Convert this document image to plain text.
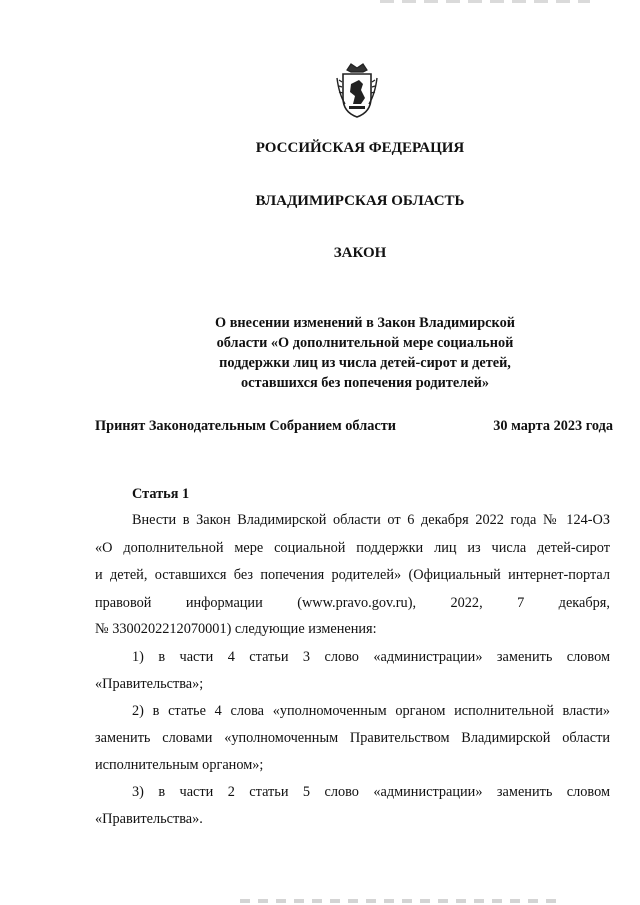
РОССИЙСКАЯ ФЕДЕРАЦИЯ
ВЛАДИМИРСКАЯ ОБЛАСТЬ
ЗАКОН
О внесении изменений в Закон Владимирской
области «О дополнительной мере социальной
поддержки лиц из числа детей-сирот и детей,
оставшихся без попечения родителей»
Принят Законодательным Собранием области	30 марта 2023 года
Статья 1
Внести в Закон Владимирской области от 6 декабря 2022 года № 124-ОЗ
«О дополнительной мере социальной поддержки лиц из числа детей-сирот
и детей, оставшихся без попечения родителей» (Официальный интернет-портал
правовой информации (www.pravo.gov.ru), 2022, 7 декабря,
№ 3300202212070001) следующие изменения:
1) в части 4 статьи 3 слово «администрации» заменить словом
«Правительства»;
2) в статье 4 слова «уполномоченным органом исполнительной власти»
заменить словами «уполномоченным Правительством Владимирской области
исполнительным органом»;
3) в части 2 статьи 5 слово «администрации» заменить словом
«Правительства».
